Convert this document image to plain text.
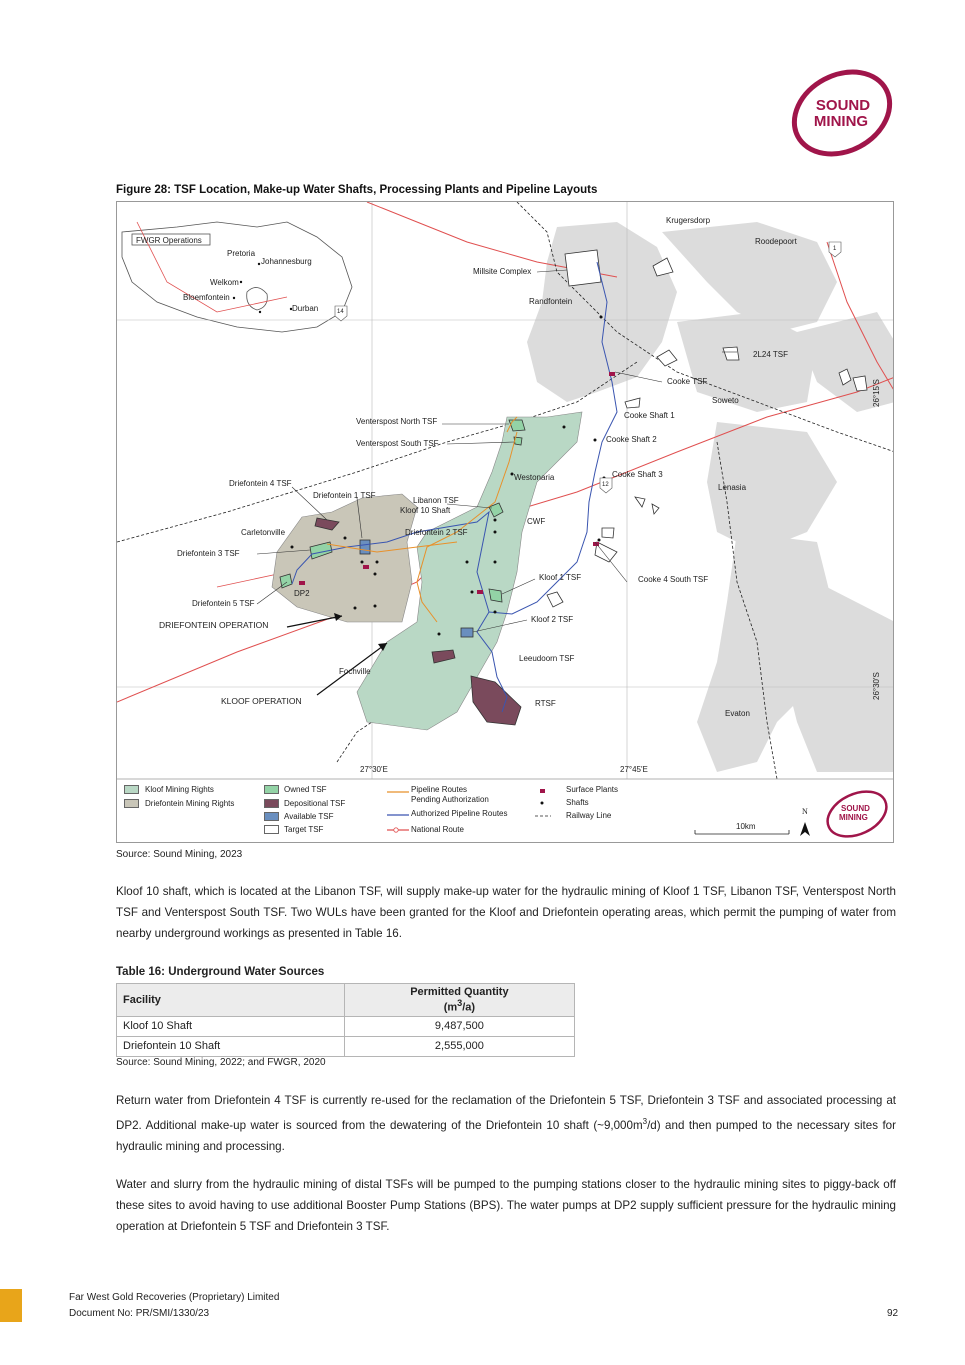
SOUND
MINING
Figure 28: TSF Location, Make-up Water Shafts, Processing Plants and Pipeline Layouts
FWGR Operations
Pretoria
Johannesburg
Welkom
Bloemfontein
Durban	14
Krugersdorp
Roodepoort
Randfontein
Soweto
Lenasia
Westonaria
Carletonville
Fochville
Evaton
Millsite Complex
2L24 TSF
Cooke TSF
Cooke Shaft 1
Cooke Shaft 2
Cooke Shaft 3
Cooke 4 South TSF
Venterspost North TSF
Venterspost South TSF
Driefontein 4 TSF
Driefontein 1 TSF
Libanon TSF
Kloof 10 Shaft
Driefontein 2 TSF
CWF
Driefontein 3 TSF
Kloof 1 TSF
Driefontein 5 TSF
DP2
Kloof 2 TSF
Leeudoorn TSF
RTSF
DRIEFONTEIN OPERATION
KLOOF OPERATION
27°30'E	27°45'E
26°15'S
26°30'S
1
12
Kloof Mining Rights
Driefontein Mining Rights
Owned TSF
Depositional TSF
Available TSF
Target TSF
Pipeline Routes
Pending Authorization
Authorized Pipeline Routes
National Route
Surface Plants
Shafts
Railway Line
10km
N	SOUND
MINING
Source: Sound Mining, 2023
Kloof 10 shaft, which is located at the Libanon TSF, will supply make-up water for the hydraulic mining of Kloof 1 TSF, Libanon TSF, Venterspost North TSF and Venterspost South TSF. Two WULs have been granted for the Kloof and Driefontein operating areas, which permit the pumping of water from nearby underground workings as presented in Table 16.
Table 16: Underground Water Sources
Facility	Permitted Quantity
$(m^3/a)$
Kloof 10 Shaft	9,487,500
Driefontein 10 Shaft	2,555,000
Source: Sound Mining, 2022; and FWGR, 2020
Return water from Driefontein 4 TSF is currently re-used for the reclamation of the Driefontein 5 TSF, Driefontein 3 TSF and associated processing at DP2. Additional make-up water is sourced from the dewatering of the Driefontein 10 shaft $(\sim 9,000m^3/d)$ and then pumped to the necessary sites for hydraulic mining and processing.
Water and slurry from the hydraulic mining of distal TSFs will be pumped to the pumping stations closer to the hydraulic mining sites to piggy-back off these sites to avoid having to use additional Booster Pump Stations (BPS). The water pumps at DP2 supply sufficient pressure for the hydraulic mining operation at Driefontein 5 TSF and Driefontein 3 TSF.
Far West Gold Recoveries (Proprietary) Limited
Document No: PR/SMI/1330/23	92
